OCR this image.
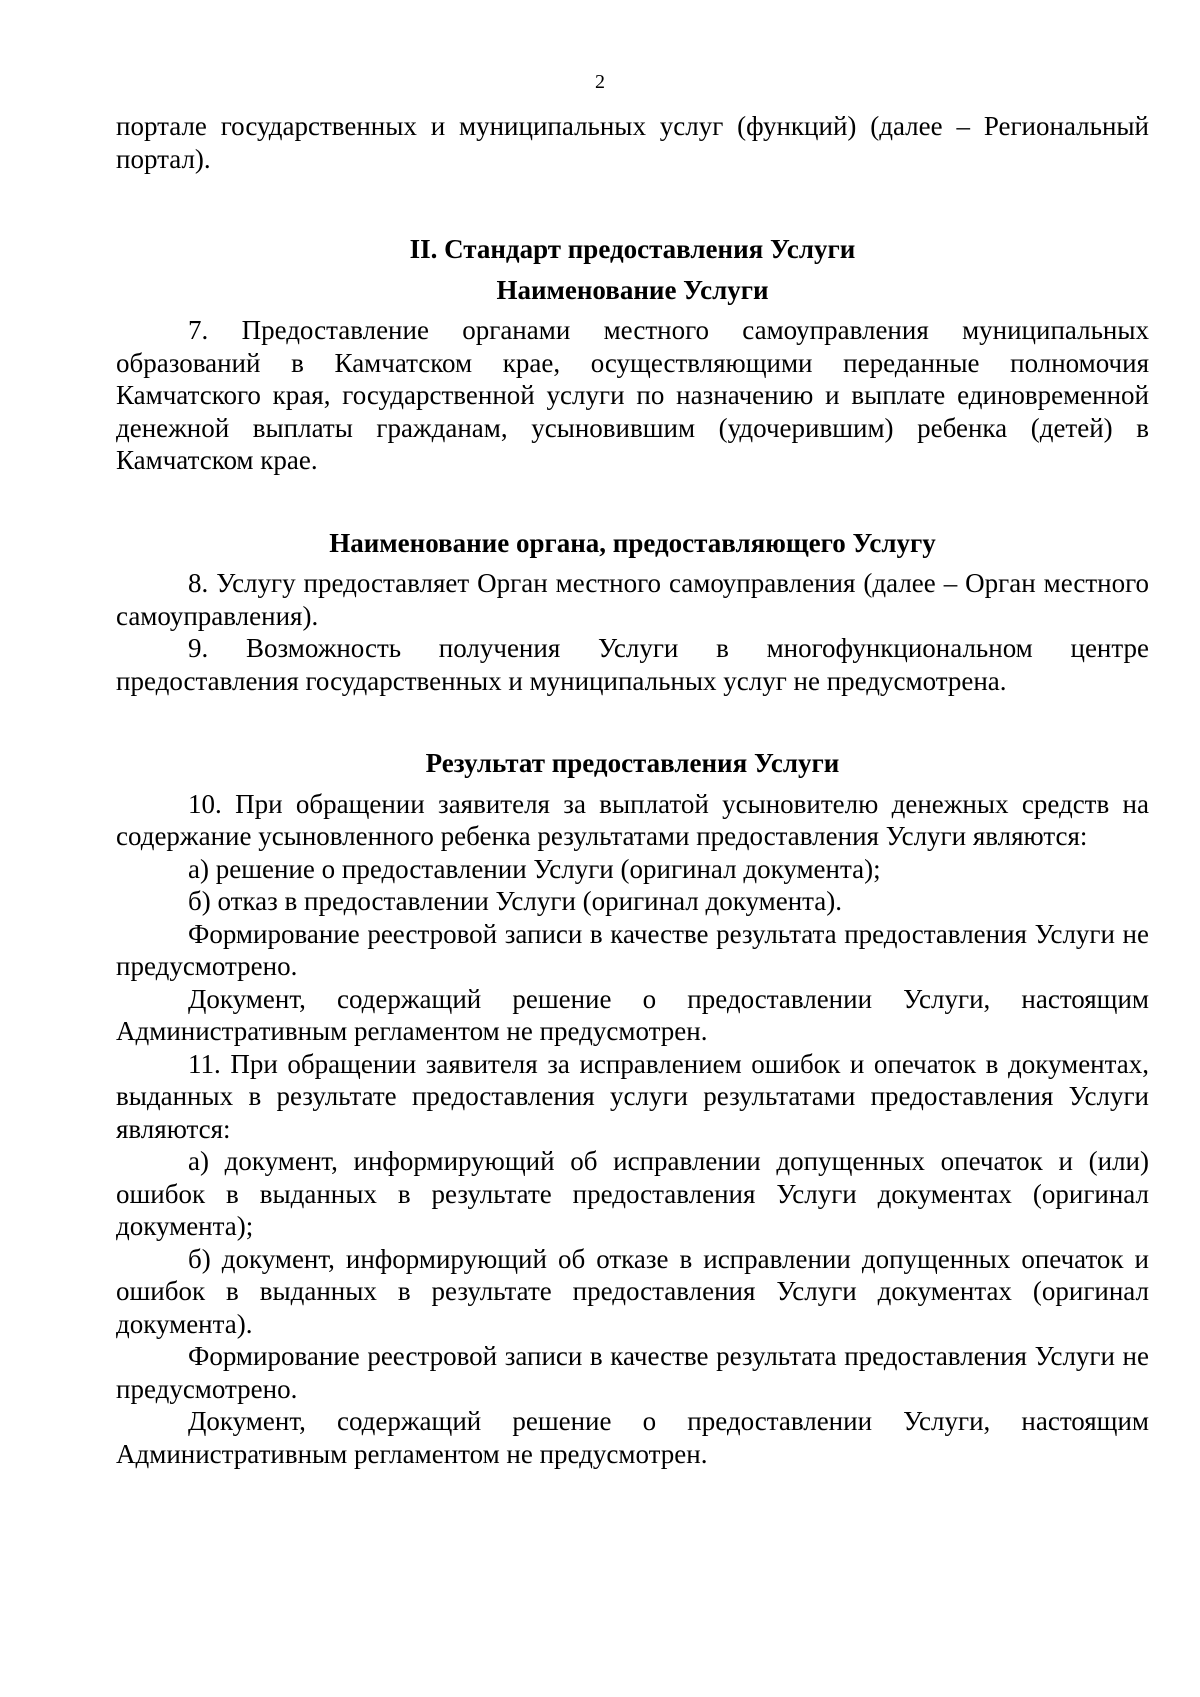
2

порталe государственных и муниципальных услуг (функций) (далее – Региональный портал).

II. Стандарт предоставления Услуги

Наименование Услуги

7. Предоставление органами местного самоуправления муниципальных образований в Камчатском крае, осуществляющими переданные полномочия Камчатского края, государственной услуги по назначению и выплате единовременной денежной выплаты гражданам, усыновившим (удочерившим) ребенка (детей) в Камчатском крае.

Наименование органа, предоставляющего Услугу

8. Услугу предоставляет Орган местного самоуправления (далее – Орган местного самоуправления).

9. Возможность получения Услуги в многофункциональном центре предоставления государственных и муниципальных услуг не предусмотрена.

Результат предоставления Услуги

10. При обращении заявителя за выплатой усыновителю денежных средств на содержание усыновленного ребенка результатами предоставления Услуги являются:

а) решение о предоставлении Услуги (оригинал документа);

б) отказ в предоставлении Услуги (оригинал документа).

Формирование реестровой записи в качестве результата предоставления Услуги не предусмотрено.

Документ, содержащий решение о предоставлении Услуги, настоящим Административным регламентом не предусмотрен.

11. При обращении заявителя за исправлением ошибок и опечаток в документах, выданных в результате предоставления услуги результатами предоставления Услуги являются:

а) документ, информирующий об исправлении допущенных опечаток и (или) ошибок в выданных в результате предоставления Услуги документах (оригинал документа);

б) документ, информирующий об отказе в исправлении допущенных опечаток и ошибок в выданных в результате предоставления Услуги документах (оригинал документа).

Формирование реестровой записи в качестве результата предоставления Услуги не предусмотрено.

Документ, содержащий решение о предоставлении Услуги, настоящим Административным регламентом не предусмотрен.
